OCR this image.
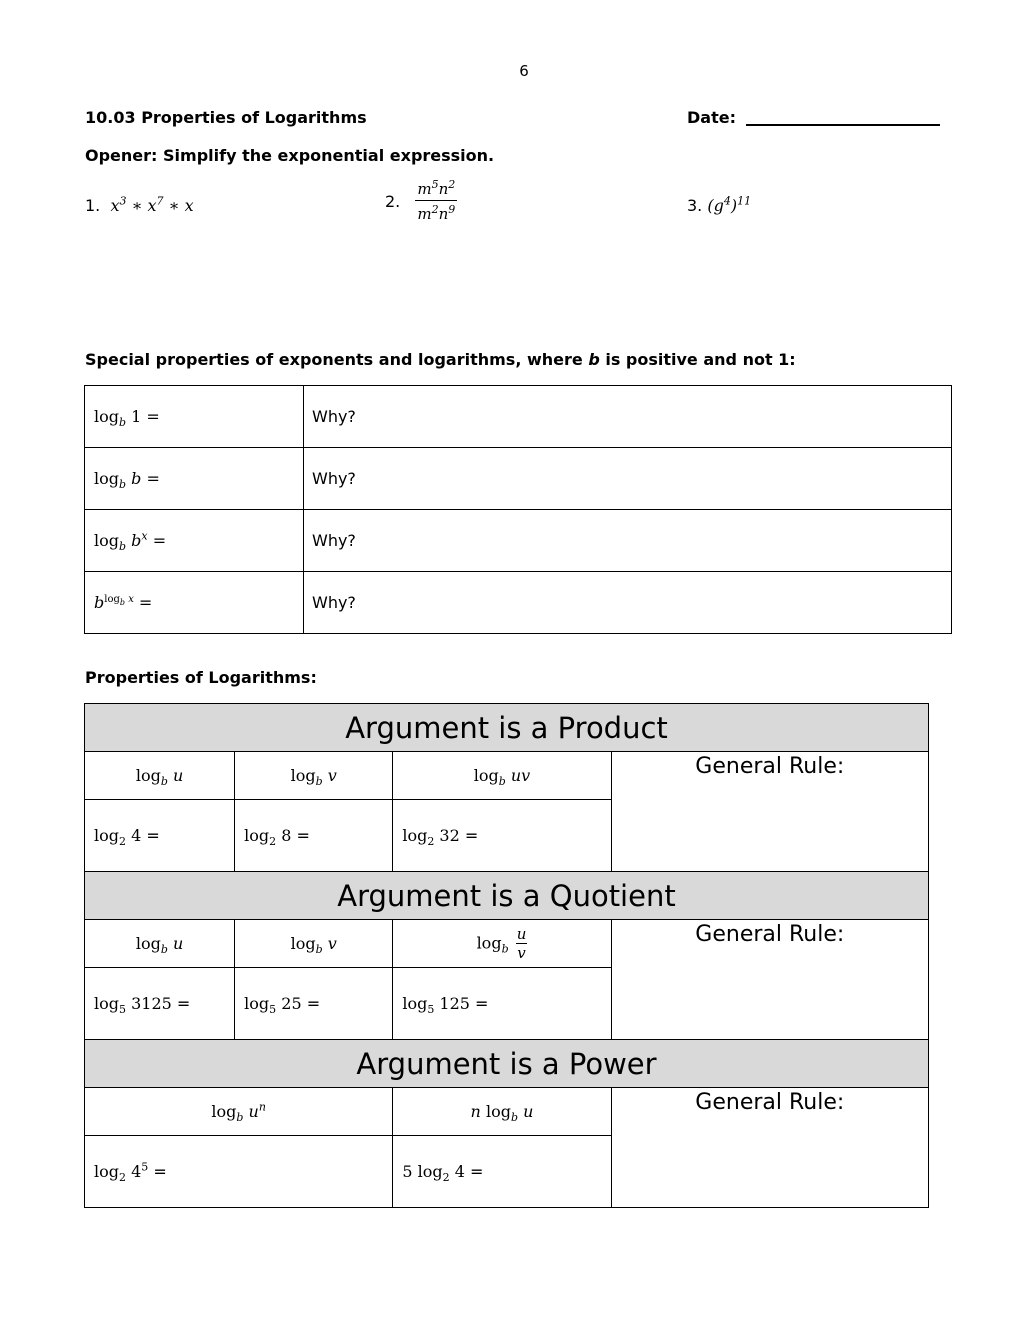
6
10.03 Properties of Logarithms	Date:
Opener: Simplify the exponential expression.
1.  $x^3$ ∗ $x^7$ ∗ x	2. $\frac{m^5n^2}{m^2n^9}$	3. $(g^4)^{11}$
Special properties of exponents and logarithms, where b is positive and not 1:
$\log_b 1$ =	Why?
$\log_b b$ =	Why?
$\log_b b^x$ =	Why?
$b^{log_b x}$ =	Why?
Properties of Logarithms:
Argument is a Product			
$\log_b u$	$\log_b v$	$\log_b$ uv	General Rule:
$\log_2 4$ =	$\log_2 8$ =	$\log_2 32$ =	
Argument is a Quotient			
$\log_b u$	$\log_b v$	$\log_b \frac{u}{v}$	General Rule:
$\log_5 3125$ =	$\log_5 25$ =	$\log_5 125$ =	
Argument is a Power			
$\log_b u^n$		n $\log_b u$	General Rule:
$\log_2 4^5$ =		5 $\log_2 4$ =	
